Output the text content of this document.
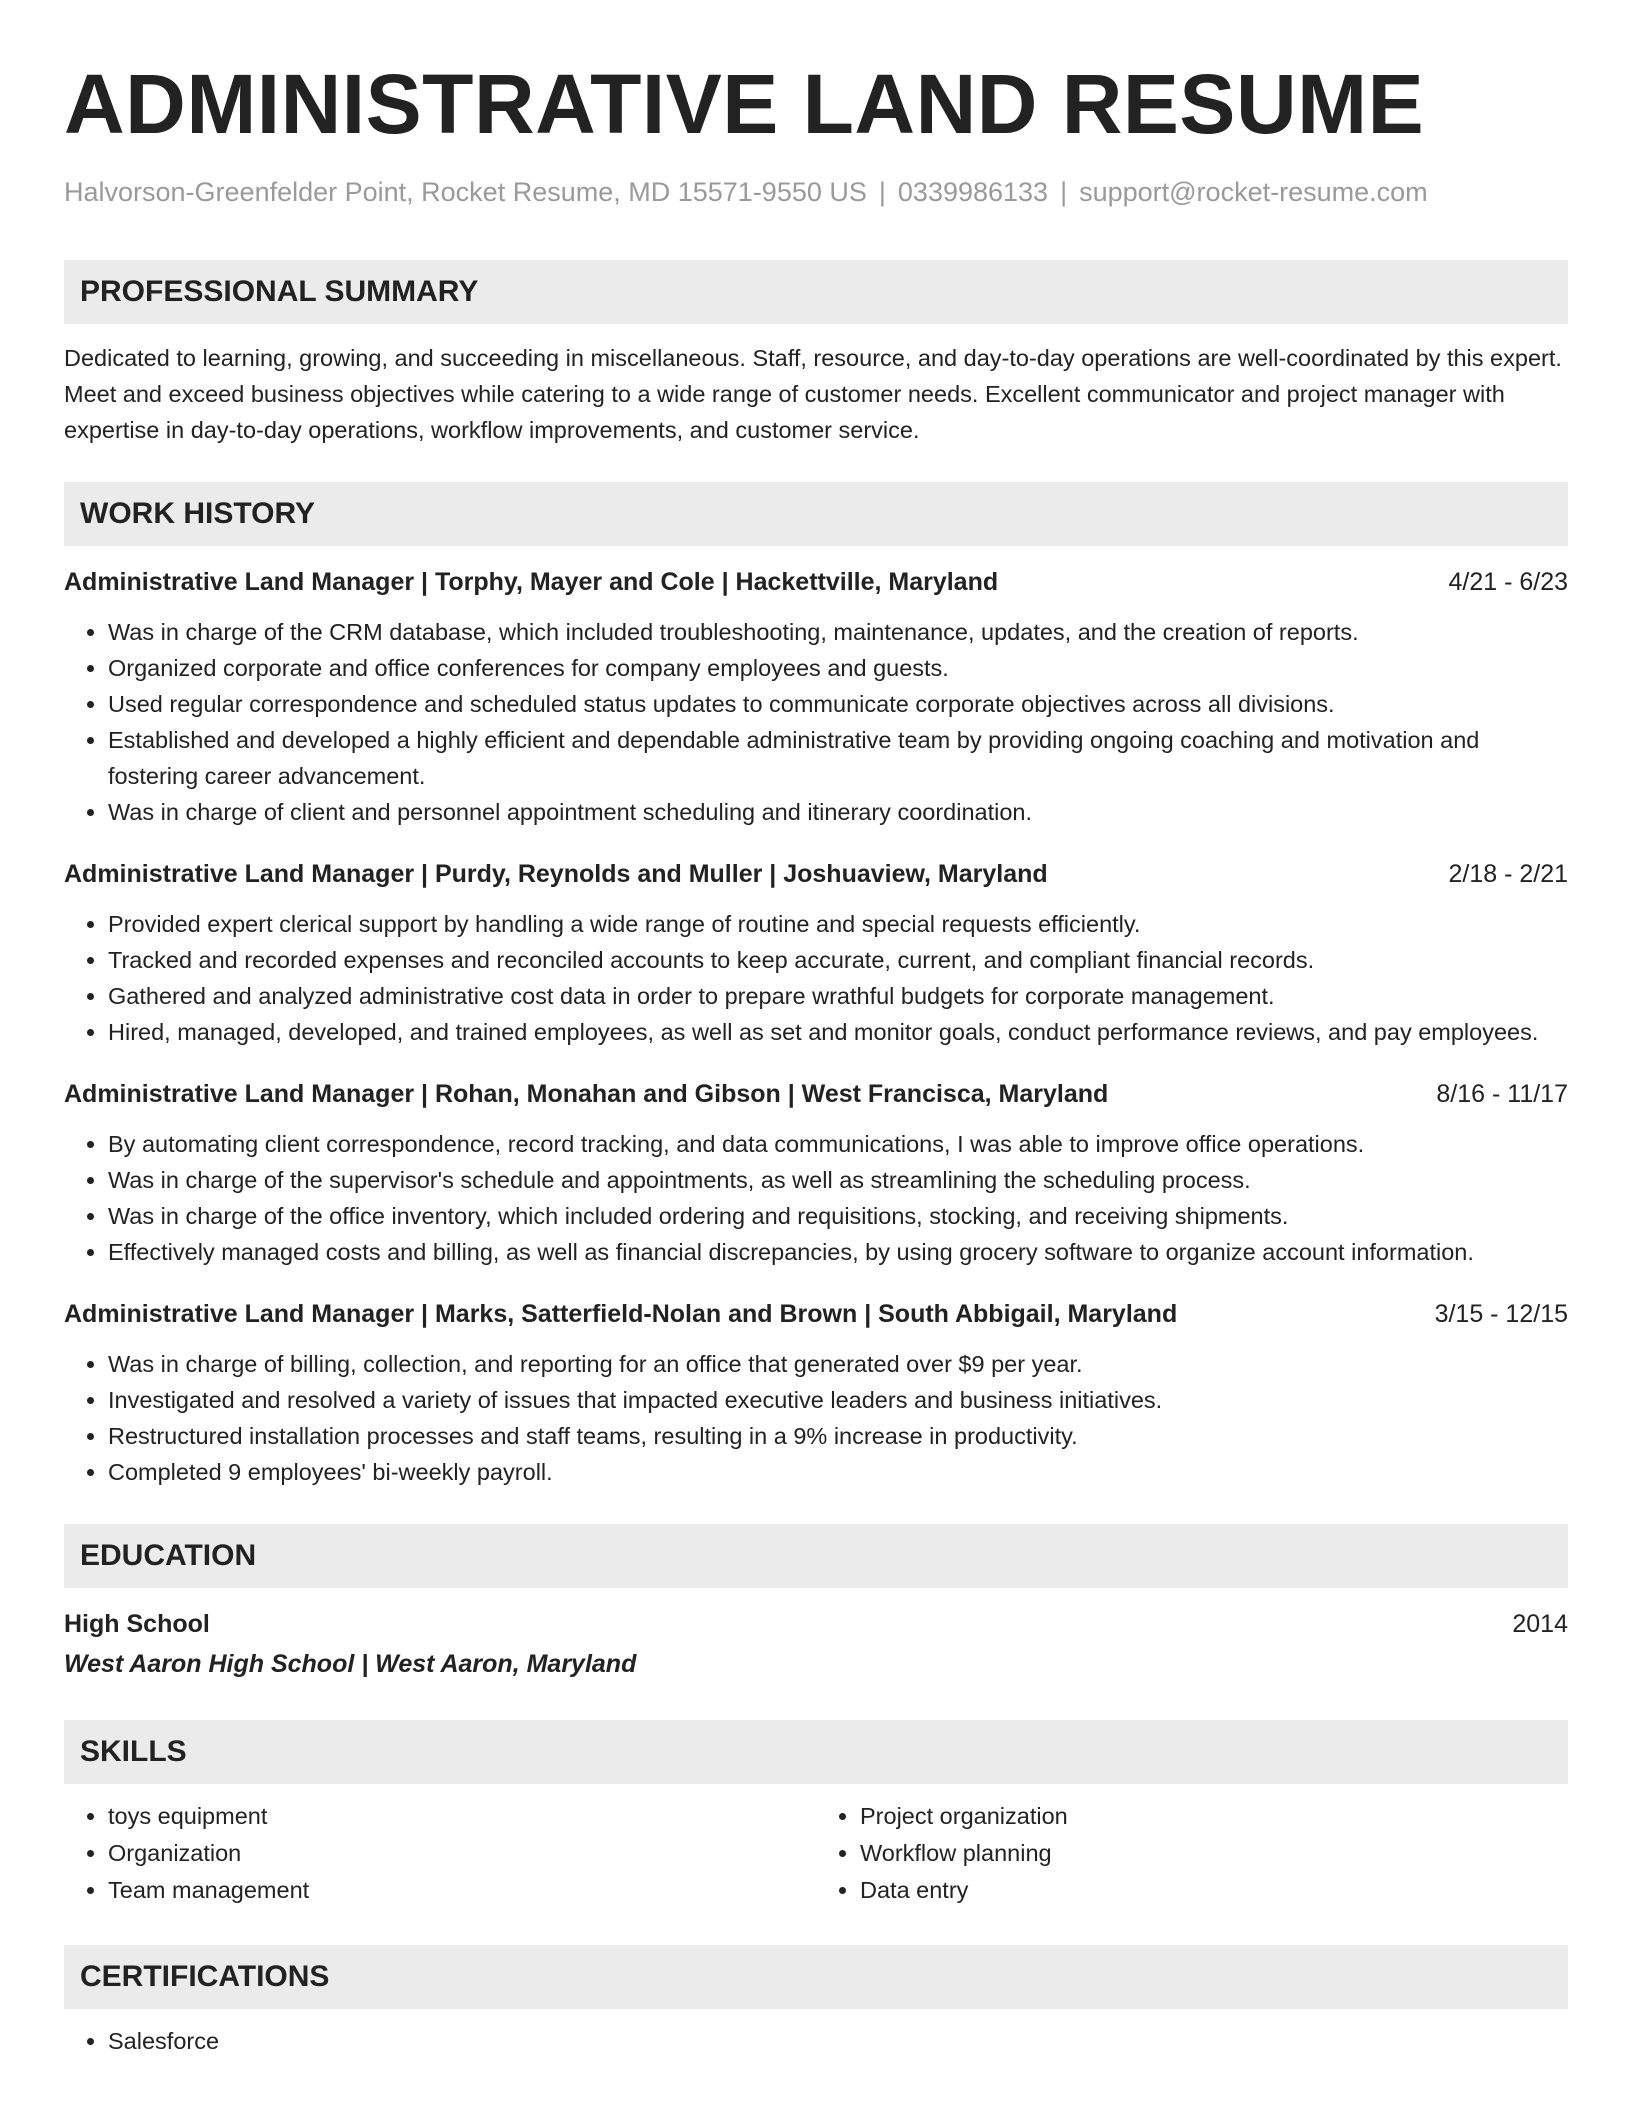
ADMINISTRATIVE LAND RESUME
Halvorson-Greenfelder Point, Rocket Resume, MD 15571-9550 US | 0339986133 | support@rocket-resume.com
PROFESSIONAL SUMMARY
Dedicated to learning, growing, and succeeding in miscellaneous. Staff, resource, and day-to-day operations are well-coordinated by this expert. Meet and exceed business objectives while catering to a wide range of customer needs. Excellent communicator and project manager with expertise in day-to-day operations, workflow improvements, and customer service.
WORK HISTORY
Administrative Land Manager | Torphy, Mayer and Cole | Hackettville, Maryland	4/21 - 6/23
• Was in charge of the CRM database, which included troubleshooting, maintenance, updates, and the creation of reports.
• Organized corporate and office conferences for company employees and guests.
• Used regular correspondence and scheduled status updates to communicate corporate objectives across all divisions.
• Established and developed a highly efficient and dependable administrative team by providing ongoing coaching and motivation and fostering career advancement.
• Was in charge of client and personnel appointment scheduling and itinerary coordination.
Administrative Land Manager | Purdy, Reynolds and Muller | Joshuaview, Maryland	2/18 - 2/21
• Provided expert clerical support by handling a wide range of routine and special requests efficiently.
• Tracked and recorded expenses and reconciled accounts to keep accurate, current, and compliant financial records.
• Gathered and analyzed administrative cost data in order to prepare wrathful budgets for corporate management.
• Hired, managed, developed, and trained employees, as well as set and monitor goals, conduct performance reviews, and pay employees.
Administrative Land Manager | Rohan, Monahan and Gibson | West Francisca, Maryland	8/16 - 11/17
• By automating client correspondence, record tracking, and data communications, I was able to improve office operations.
• Was in charge of the supervisor's schedule and appointments, as well as streamlining the scheduling process.
• Was in charge of the office inventory, which included ordering and requisitions, stocking, and receiving shipments.
• Effectively managed costs and billing, as well as financial discrepancies, by using grocery software to organize account information.
Administrative Land Manager | Marks, Satterfield-Nolan and Brown | South Abbigail, Maryland	3/15 - 12/15
• Was in charge of billing, collection, and reporting for an office that generated over $9 per year.
• Investigated and resolved a variety of issues that impacted executive leaders and business initiatives.
• Restructured installation processes and staff teams, resulting in a 9% increase in productivity.
• Completed 9 employees' bi-weekly payroll.
EDUCATION
High School	2014
West Aaron High School | West Aaron, Maryland
SKILLS
• toys equipment
• Organization
• Team management
• Project organization
• Workflow planning
• Data entry
CERTIFICATIONS
• Salesforce
